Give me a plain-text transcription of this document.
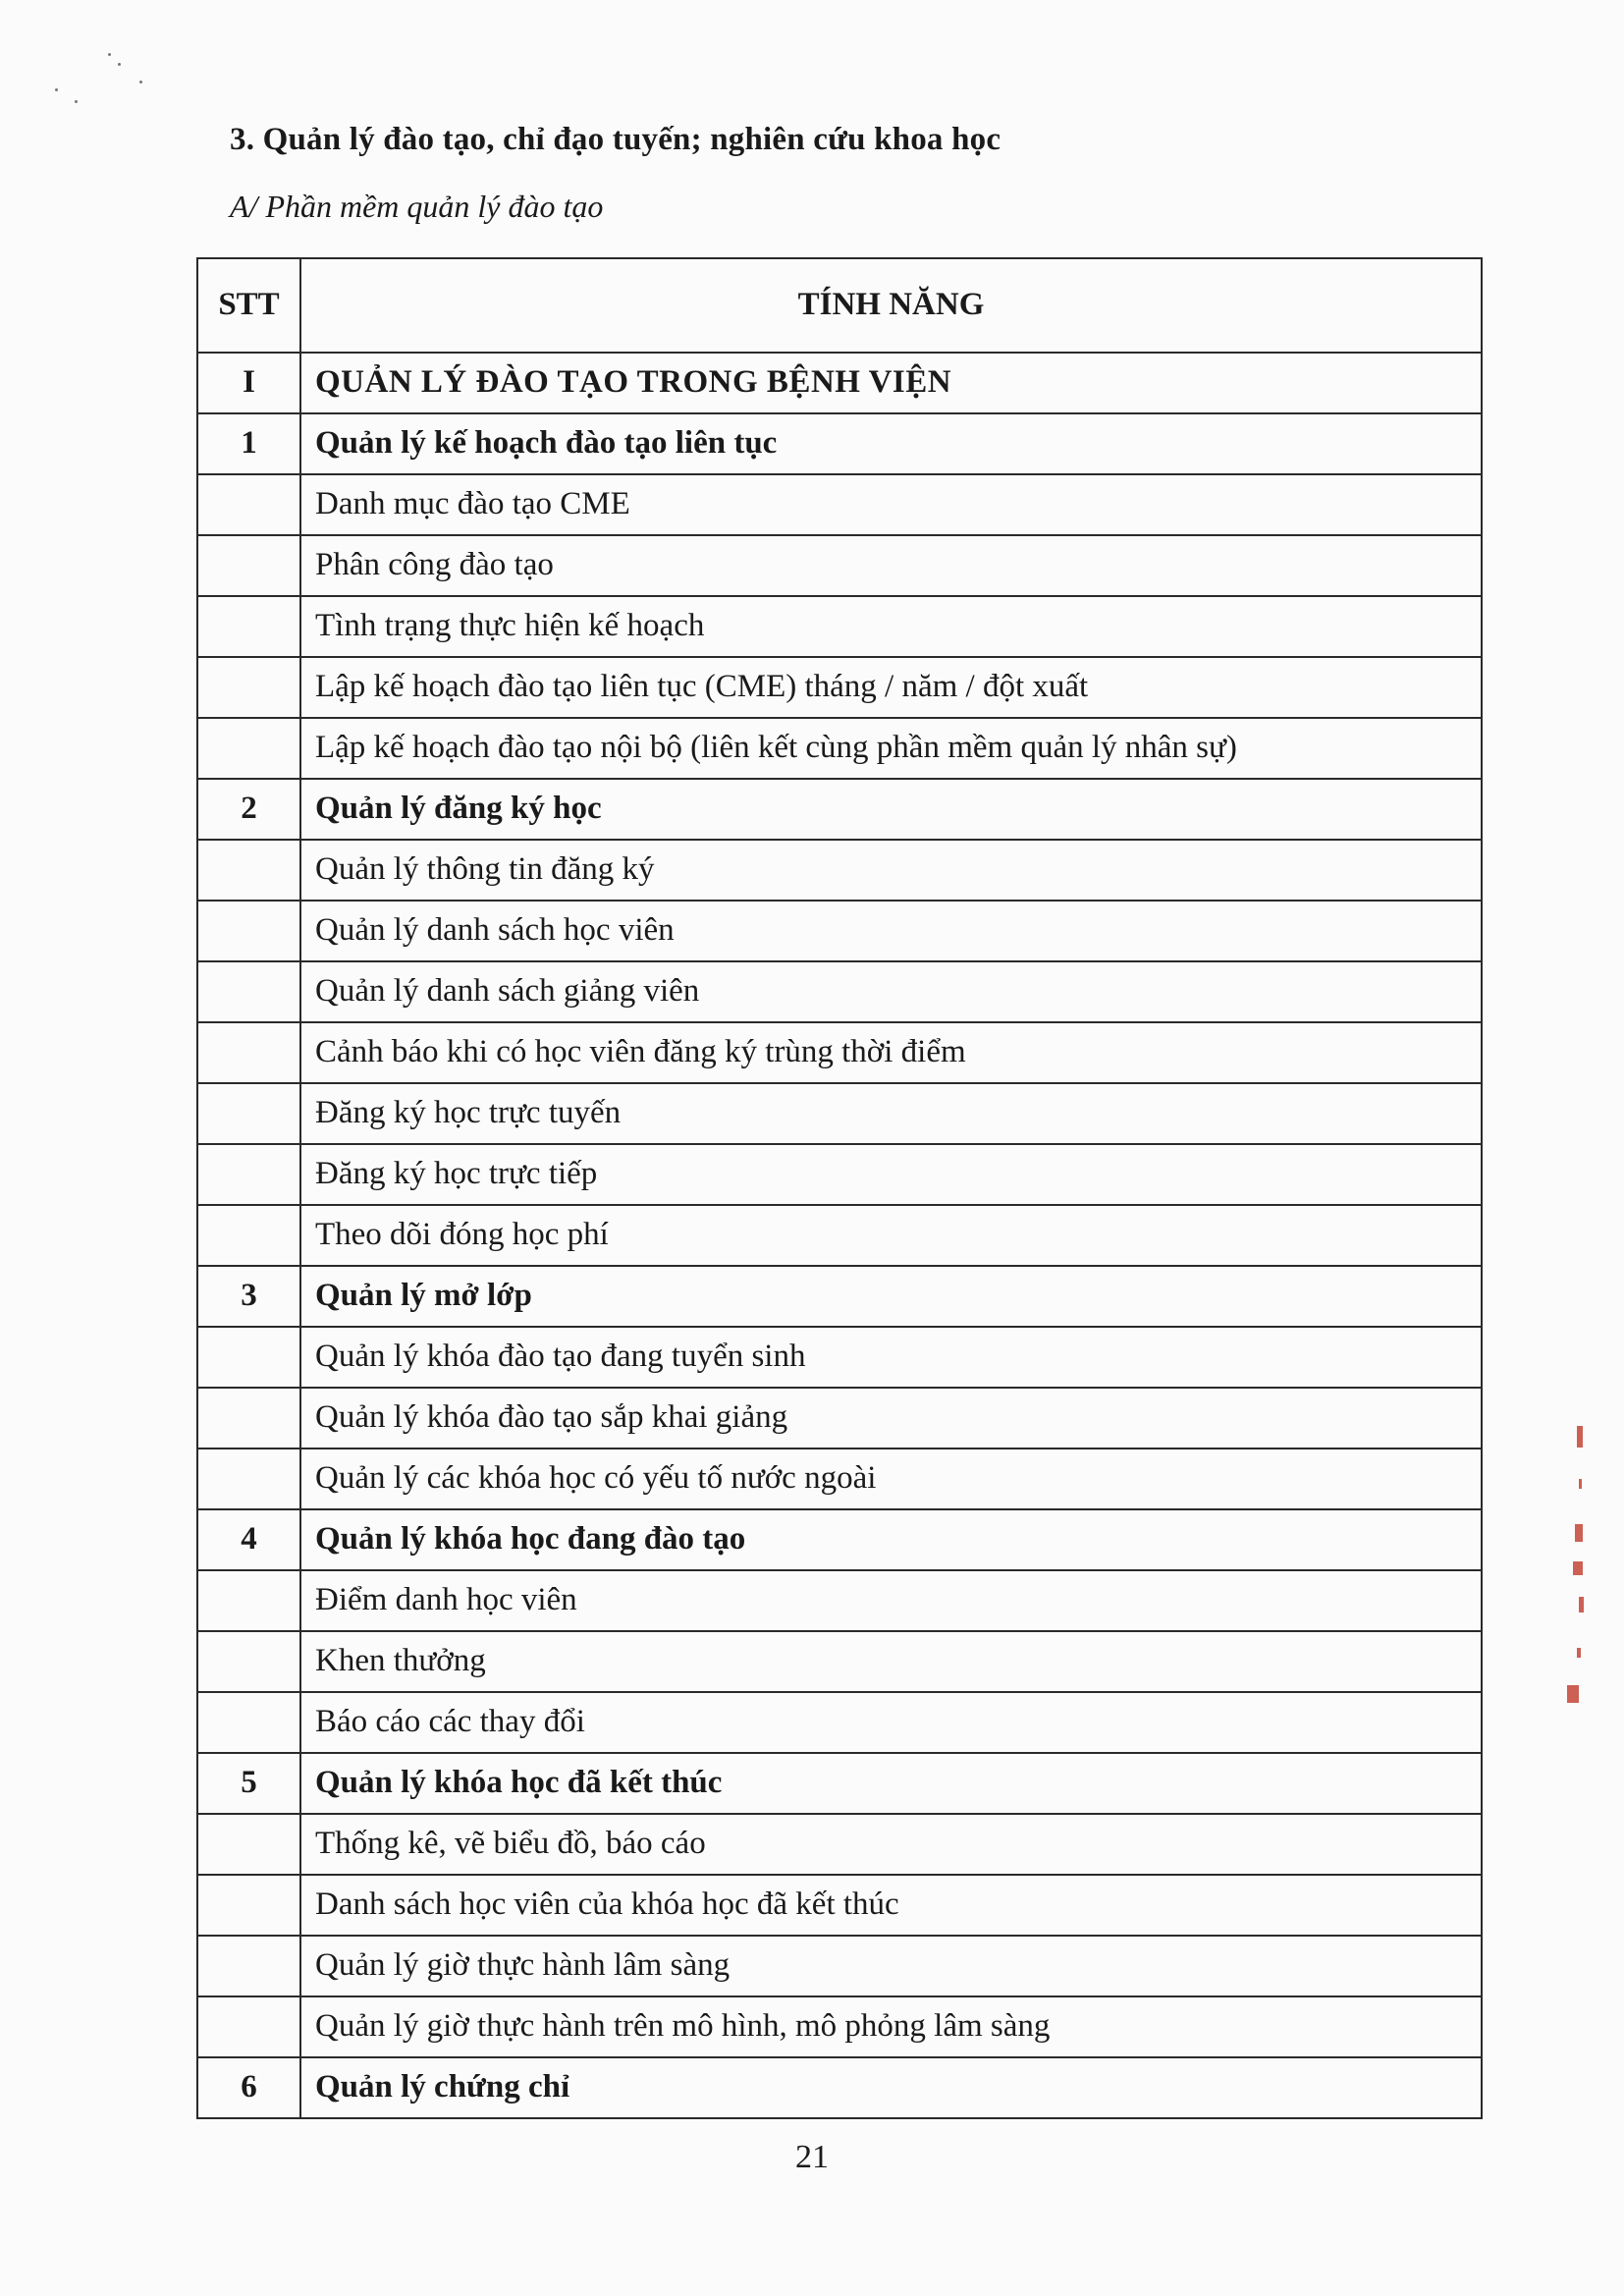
3. Quản lý đào tạo, chỉ đạo tuyến; nghiên cứu khoa học
A/ Phần mềm quản lý đào tạo
STT	TÍNH NĂNG
I	QUẢN LÝ ĐÀO TẠO TRONG BỆNH VIỆN
1	Quản lý kế hoạch đào tạo liên tục
	Danh mục đào tạo CME
	Phân công đào tạo
	Tình trạng thực hiện kế hoạch
	Lập kế hoạch đào tạo liên tục (CME) tháng / năm / đột xuất
	Lập kế hoạch đào tạo nội bộ (liên kết cùng phần mềm quản lý nhân sự)
2	Quản lý đăng ký học
	Quản lý thông tin đăng ký
	Quản lý danh sách học viên
	Quản lý danh sách giảng viên
	Cảnh báo khi có học viên đăng ký trùng thời điểm
	Đăng ký học trực tuyến
	Đăng ký học trực tiếp
	Theo dõi đóng học phí
3	Quản lý mở lớp
	Quản lý khóa đào tạo đang tuyển sinh
	Quản lý khóa đào tạo sắp khai giảng
	Quản lý các khóa học có yếu tố nước ngoài
4	Quản lý khóa học đang đào tạo
	Điểm danh học viên
	Khen thưởng
	Báo cáo các thay đổi
5	Quản lý khóa học đã kết thúc
	Thống kê, vẽ biểu đồ, báo cáo
	Danh sách học viên của khóa học đã kết thúc
	Quản lý giờ thực hành lâm sàng
	Quản lý giờ thực hành trên mô hình, mô phỏng lâm sàng
6	Quản lý chứng chỉ
21
